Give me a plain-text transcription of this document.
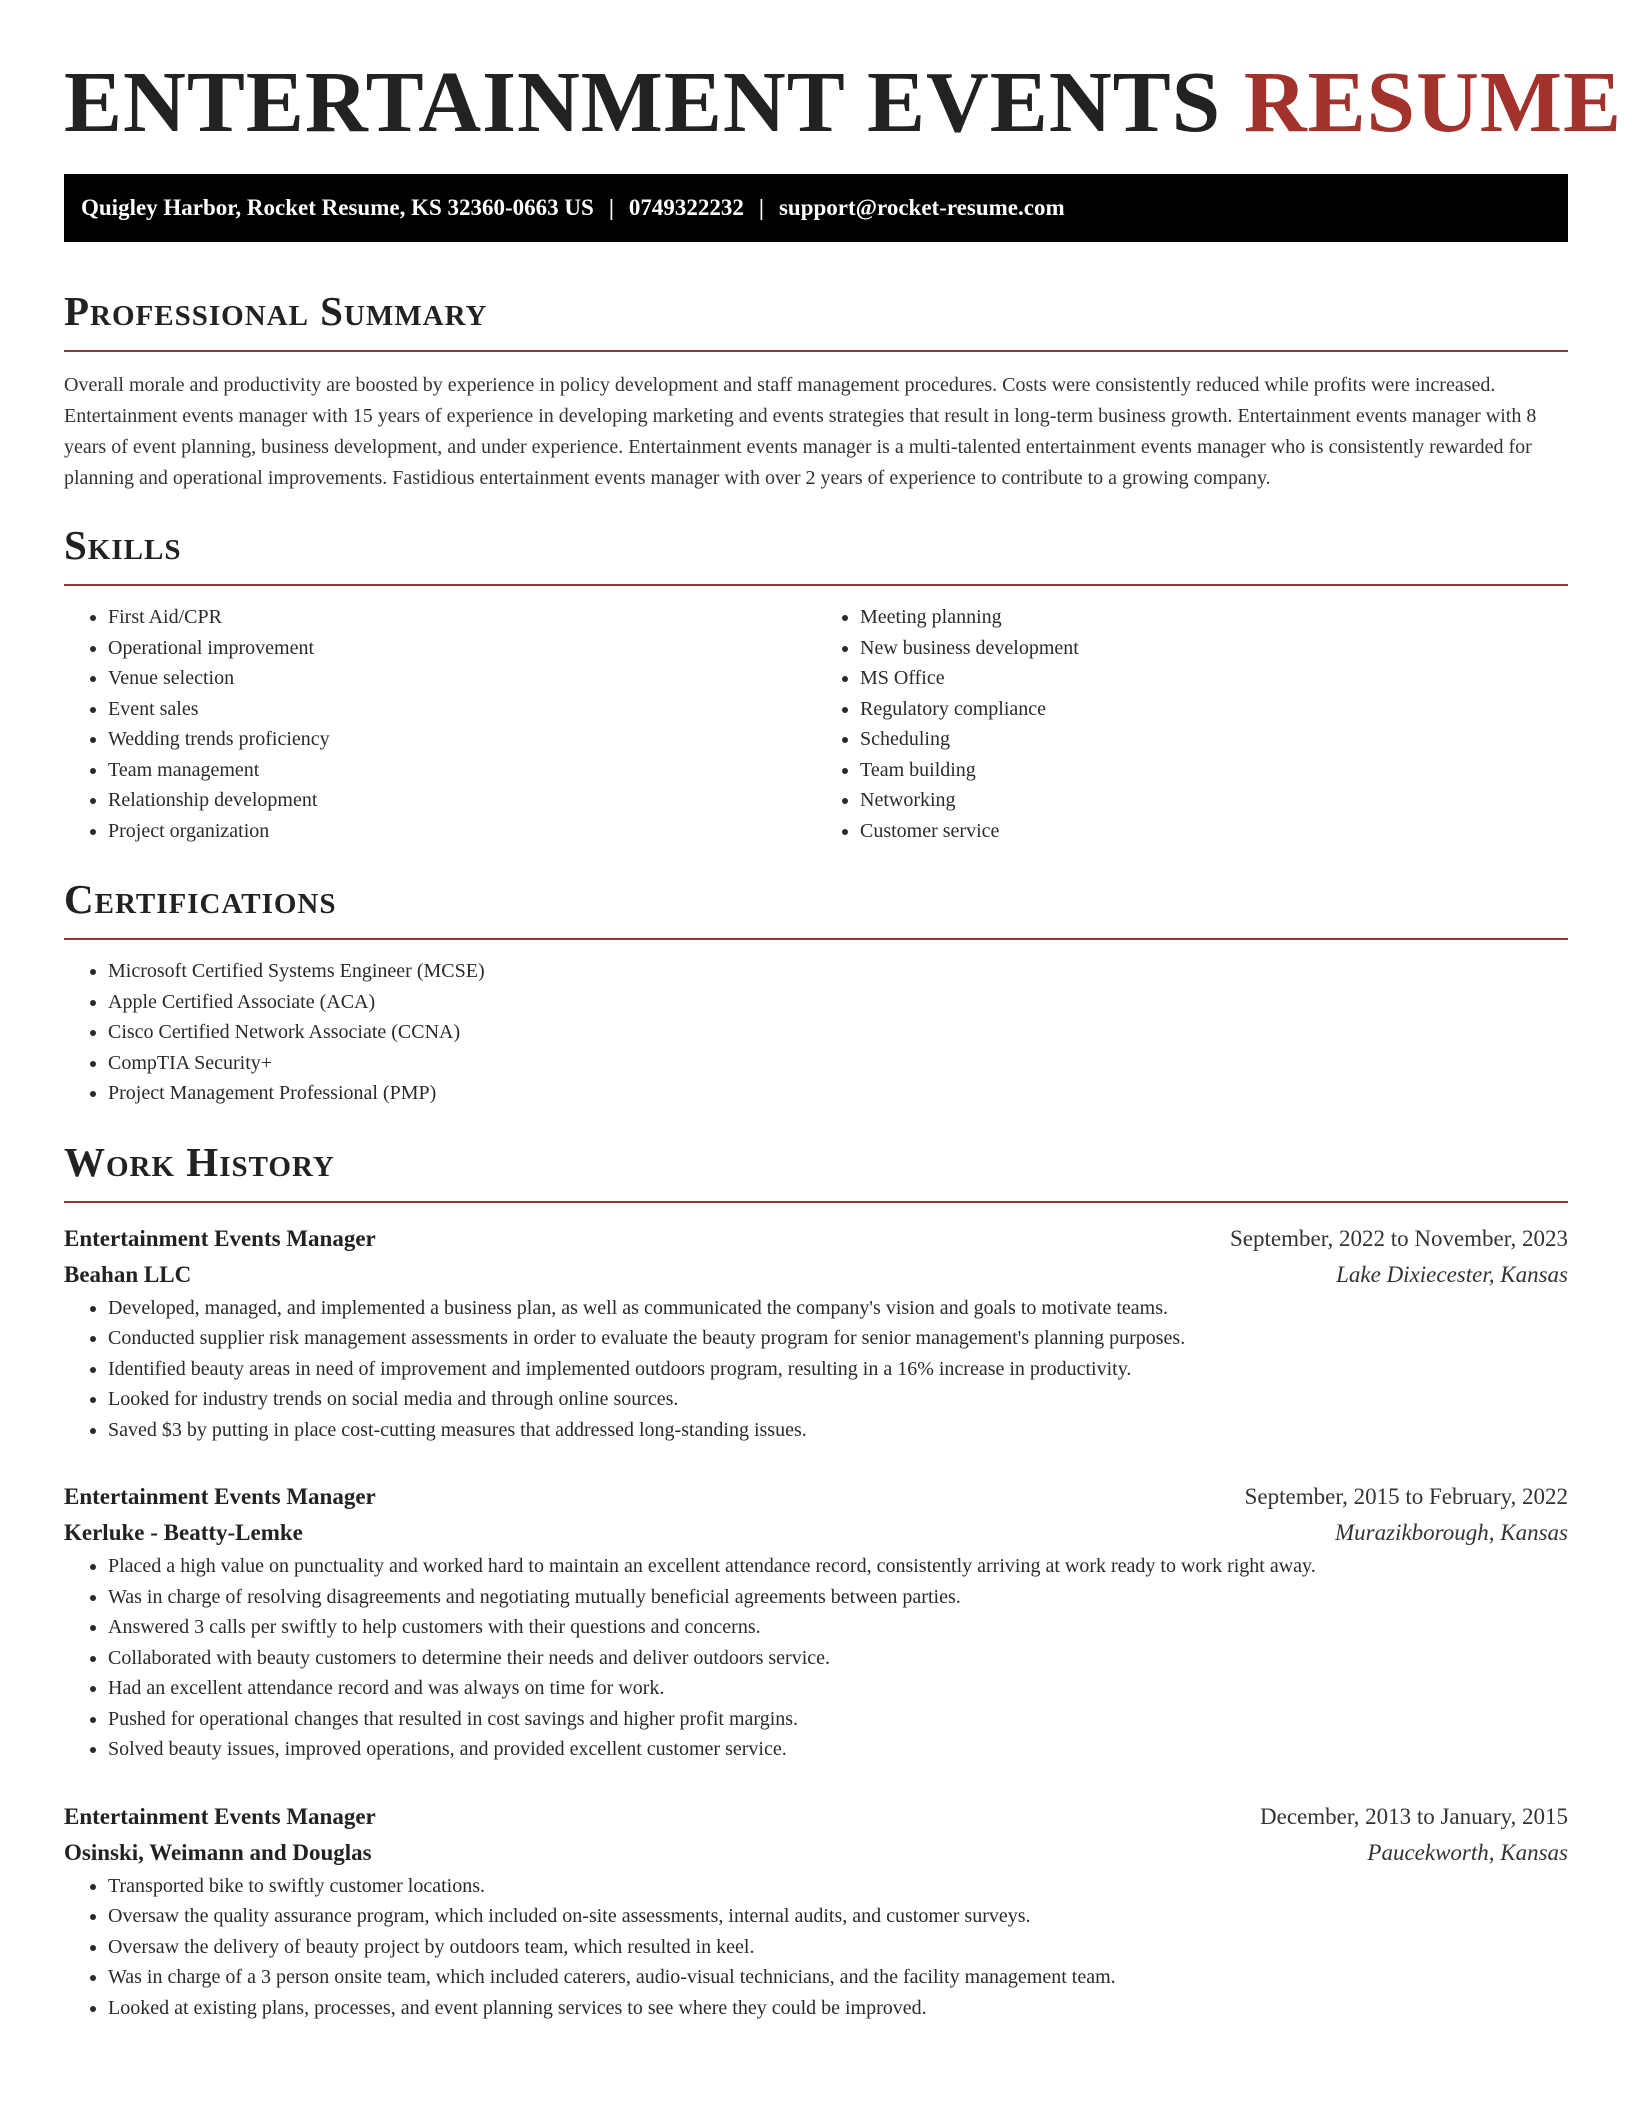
ENTERTAINMENT EVENTS RESUME
Quigley Harbor, Rocket Resume, KS 32360-0663 US | 0749322232 | support@rocket-resume.com
Professional Summary

Overall morale and productivity are boosted by experience in policy development and staff management procedures. Costs were consistently reduced while profits were increased. Entertainment events manager with 15 years of experience in developing marketing and events strategies that result in long-term business growth. Entertainment events manager with 8 years of event planning, business development, and under experience. Entertainment events manager is a multi-talented entertainment events manager who is consistently rewarded for planning and operational improvements. Fastidious entertainment events manager with over 2 years of experience to contribute to a growing company.

Skills
• First Aid/CPR
• Operational improvement
• Venue selection
• Event sales
• Wedding trends proficiency
• Team management
• Relationship development
• Project organization
• Meeting planning
• New business development
• MS Office
• Regulatory compliance
• Scheduling
• Team building
• Networking
• Customer service
Certifications
• Microsoft Certified Systems Engineer (MCSE)
• Apple Certified Associate (ACA)
• Cisco Certified Network Associate (CCNA)
• CompTIA Security+
• Project Management Professional (PMP)
Work History
Entertainment Events Manager	September, 2022 to November, 2023
Beahan LLC	Lake Dixiecester, Kansas
• Developed, managed, and implemented a business plan, as well as communicated the company's vision and goals to motivate teams.
• Conducted supplier risk management assessments in order to evaluate the beauty program for senior management's planning purposes.
• Identified beauty areas in need of improvement and implemented outdoors program, resulting in a 16% increase in productivity.
• Looked for industry trends on social media and through online sources.
• Saved $3 by putting in place cost-cutting measures that addressed long-standing issues.
Entertainment Events Manager	September, 2015 to February, 2022
Kerluke - Beatty-Lemke	Murazikborough, Kansas
• Placed a high value on punctuality and worked hard to maintain an excellent attendance record, consistently arriving at work ready to work right away.
• Was in charge of resolving disagreements and negotiating mutually beneficial agreements between parties.
• Answered 3 calls per swiftly to help customers with their questions and concerns.
• Collaborated with beauty customers to determine their needs and deliver outdoors service.
• Had an excellent attendance record and was always on time for work.
• Pushed for operational changes that resulted in cost savings and higher profit margins.
• Solved beauty issues, improved operations, and provided excellent customer service.
Entertainment Events Manager	December, 2013 to January, 2015
Osinski, Weimann and Douglas	Paucekworth, Kansas
• Transported bike to swiftly customer locations.
• Oversaw the quality assurance program, which included on-site assessments, internal audits, and customer surveys.
• Oversaw the delivery of beauty project by outdoors team, which resulted in keel.
• Was in charge of a 3 person onsite team, which included caterers, audio-visual technicians, and the facility management team.
• Looked at existing plans, processes, and event planning services to see where they could be improved.
